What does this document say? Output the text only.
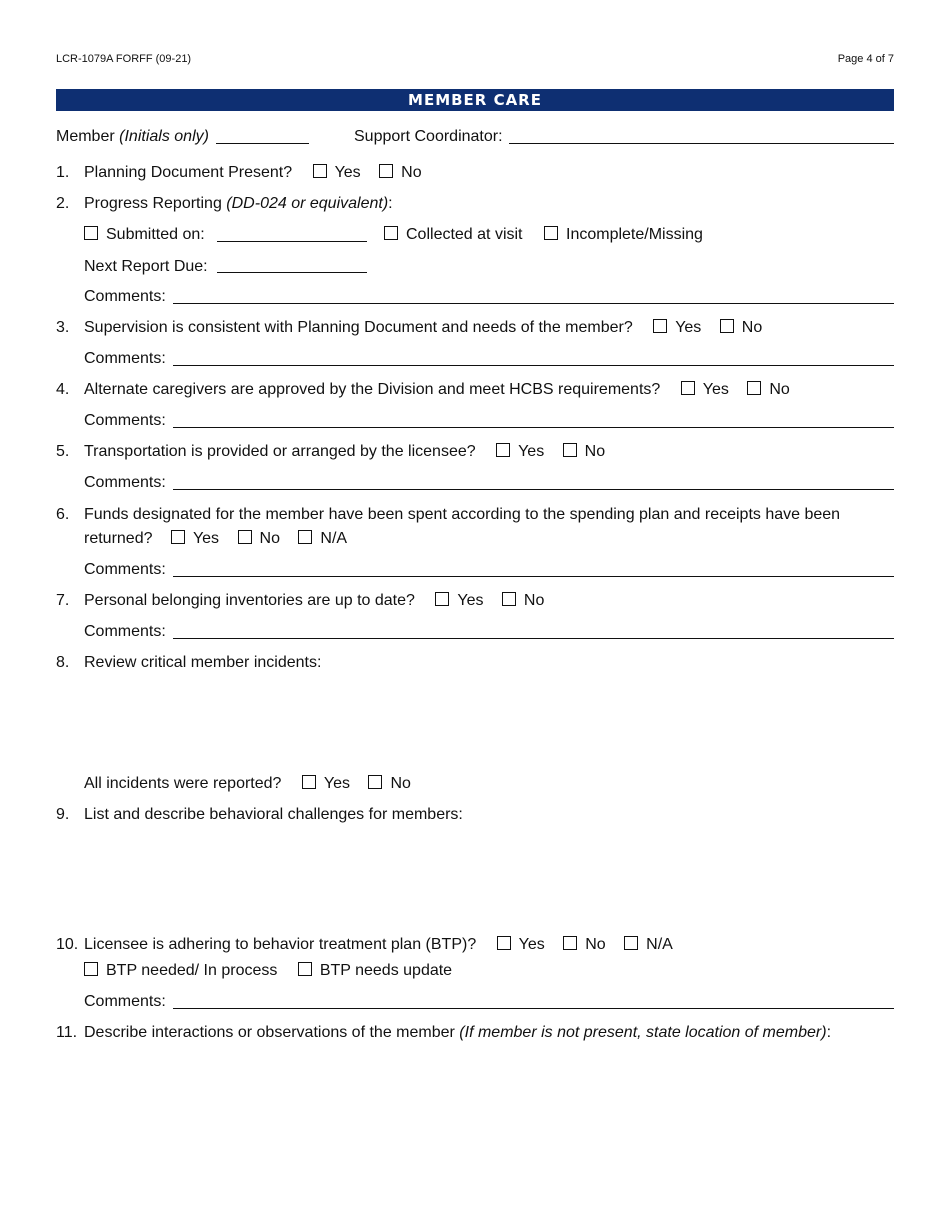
LCR-1079A FORFF (09-21)	Page 4 of 7
MEMBER CARE
Member (Initials only)	Support Coordinator:
1. Planning Document Present?	Yes	No
2. Progress Reporting (DD-024 or equivalent):
Submitted on:	Collected at visit	Incomplete/Missing
Next Report Due:
Comments:
3. Supervision is consistent with Planning Document and needs of the member?	Yes	No
Comments:
4. Alternate caregivers are approved by the Division and meet HCBS requirements?	Yes	No
Comments:
5. Transportation is provided or arranged by the licensee?	Yes	No
Comments:
6. Funds designated for the member have been spent according to the spending plan and receipts have been
returned?	Yes	No	N/A
Comments:
7. Personal belonging inventories are up to date?	Yes	No
Comments:
8. Review critical member incidents:
All incidents were reported?	Yes	No
9. List and describe behavioral challenges for members:
10. Licensee is adhering to behavior treatment plan (BTP)?	Yes	No	N/A
BTP needed/ In process	BTP needs update
Comments:
11. Describe interactions or observations of the member (If member is not present, state location of member):
